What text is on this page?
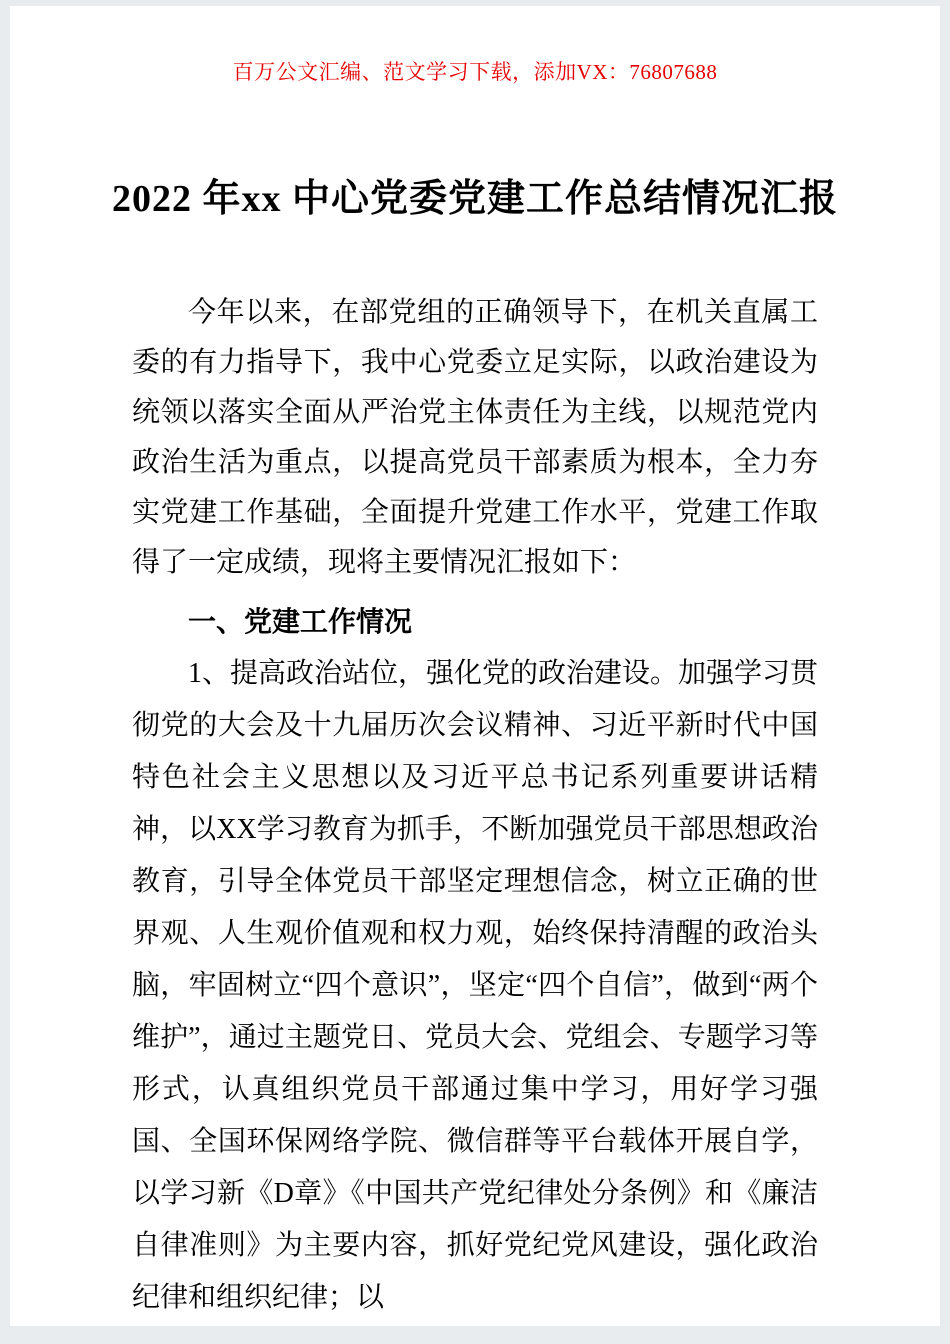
百万公文汇编、范文学习下载，添加VX：76807688
2022 年xx 中心党委党建工作总结情况汇报

今年以来，在部党组的正确领导下，在机关直属工委的有力指导下，我中心党委立足实际，以政治建设为统领以落实全面从严治党主体责任为主线，以规范党内政治生活为重点，以提高党员干部素质为根本，全力夯实党建工作基础，全面提升党建工作水平，党建工作取得了一定成绩，现将主要情况汇报如下：

一、党建工作情况

1、提高政治站位，强化党的政治建设。加强学习贯彻党的大会及十九届历次会议精神、习近平新时代中国特色社会主义思想以及习近平总书记系列重要讲话精神，以XX学习教育为抓手，不断加强党员干部思想政治教育，引导全体党员干部坚定理想信念，树立正确的世界观、人生观价值观和权力观，始终保持清醒的政治头脑，牢固树立“四个意识”，坚定“四个自信”，做到“两个维护”，通过主题党日、党员大会、党组会、专题学习等形式，认真组织党员干部通过集中学习，用好学习强国、全国环保网络学院、微信群等平台载体开展自学，以学习新《D章》《中国共产党纪律处分条例》和《廉洁自律准则》为主要内容，抓好党纪党风建设，强化政治纪律和组织纪律；以
